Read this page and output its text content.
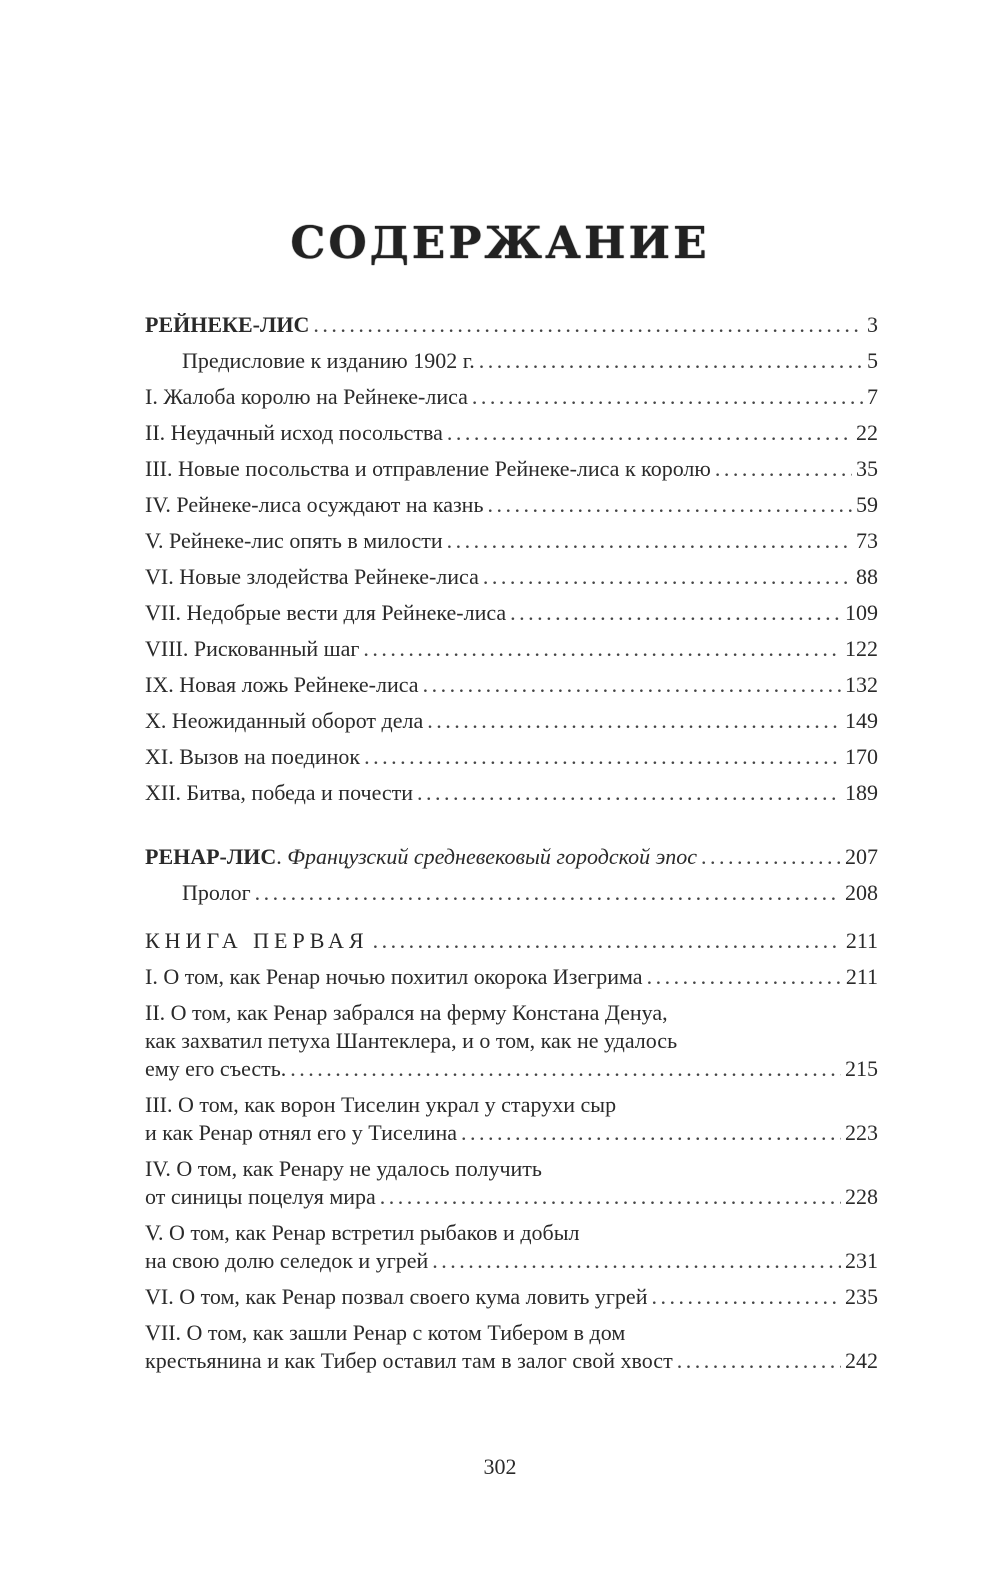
СОДЕРЖАНИЕ
РЕЙНЕКЕ-ЛИС . . .	3
Предисловие к изданию 1902 г. . . .	5
I. Жалоба королю на Рейнеке-лиса . . .	7
II. Неудачный исход посольства . . .	22
III. Новые посольства и отправление Рейнеке-лиса к королю . . .	35
IV. Рейнеке-лиса осуждают на казнь . . .	59
V. Рейнеке-лис опять в милости . . .	73
VI. Новые злодейства Рейнеке-лиса . . .	88
VII. Недобрые вести для Рейнеке-лиса . . .	109
VIII. Рискованный шаг . . .	122
IX. Новая ложь Рейнеке-лиса . . .	132
X. Неожиданный оборот дела . . .	149
XI. Вызов на поединок . . .	170
XII. Битва, победа и почести . . .	189
РЕНАР-ЛИС. Французский средневековый городской эпос . . .	207
Пролог . . .	208
КНИГА ПЕРВАЯ . . .	211
I. О том, как Ренар ночью похитил окорока Изегрима . . .	211
II. О том, как Ренар забрался на ферму Констана Денуа,
как захватил петуха Шантеклера, и о том, как не удалось
ему его съесть. . . .	215
III. О том, как ворон Тиселин украл у старухи сыр
и как Ренар отнял его у Тиселина . . .	223
IV. О том, как Ренару не удалось получить
от синицы поцелуя мира . . .	228
V. О том, как Ренар встретил рыбаков и добыл
на свою долю селедок и угрей . . .	231
VI. О том, как Ренар позвал своего кума ловить угрей . . .	235
VII. О том, как зашли Ренар с котом Тибером в дом
крестьянина и как Тибер оставил там в залог свой хвост . . .	242
302
